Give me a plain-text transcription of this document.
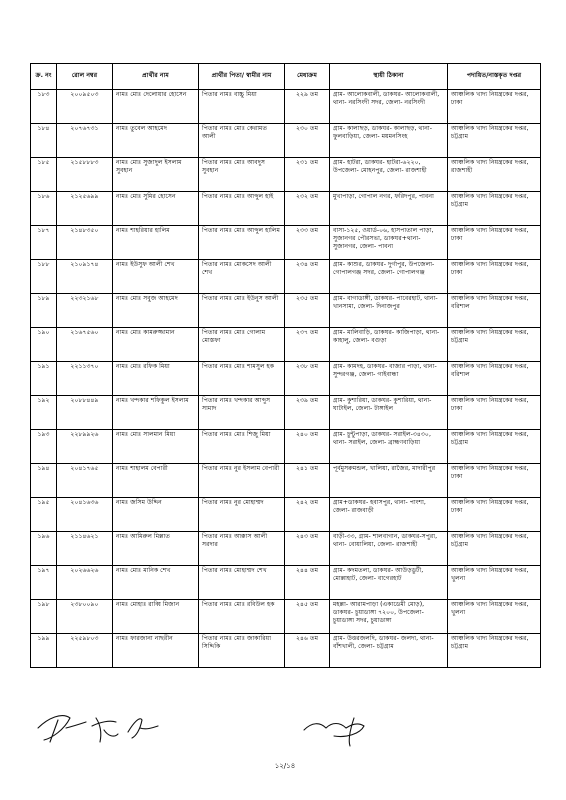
ক্র. নং	রোল নম্বর	প্রার্থীর নাম	প্রার্থীর পিতা/ স্বামীর নাম	মেধাক্রম	স্থায়ী ঠিকানা	পদায়িত/নাস্তকৃত দপ্তর
১৮৩	২০০৯৫০৩	নামঃ মোঃ দেলোয়ার হোসেন	পিতার নামঃ বাচ্চু মিয়া	২২৯ তম	গ্রাম- আলোকবালী, ডাকঘর- আলোকবালী, থানা- নরসিংদী সদর, জেলা- নরসিংদী	আঞ্চলিক খাদ্য নিয়ন্ত্রকের দপ্তর, ঢাকা
১৮৪	২০৭৬৭৩১	নামঃ তুবেল আহমেদ	পিতার নামঃ মোঃ কেরামত আলী	২৩০ তম	গ্রাম- কালাছড়, ডাকঘর- কালাছড়, থানা- ফুলবাড়িয়া, জেলা- ময়মনসিংহ	আঞ্চলিক খাদ্য নিয়ন্ত্রকের দপ্তর, চট্টগ্রাম
১৮৫	২১৫৮৮৮৩	নামঃ মোঃ সুজাদুল ইসলাম সুবহান	পিতার নামঃ মোঃ আবদুস সুবহান	২৩১ তম	গ্রাম- হাটরা, ডাকঘর- হাটরা-৬২২০, উপজেলা- মোহনপুর, জেলা- রাজশাহী	আঞ্চলিক খাদ্য নিয়ন্ত্রকের দপ্তর, রাজশাহী
১৮৬	২১২৫৬৯৯	নামঃ মোঃ সুমির হোসেন	পিতার নামঃ মোঃ আব্দুল হাই	২৩২ তম	মুখাপাড়া, গোপাল নগর, ফরিদপুর, পাবনা	আঞ্চলিক খাদ্য নিয়ন্ত্রকের দপ্তর, চট্টগ্রাম
১৮৭	২১৪৮৩৫০	নামঃ শাহরিয়ার হালিম	পিতার নামঃ মোঃ আব্দুল হালিম	২৩৩ তম	বাসা-১২৫, ওয়ার্ড-০৬, হাসপাতাল পাড়া, সুজানগর পৌরসভা, ডাকঘর+থানা- সুজানগর, জেলা- পাবনা	আঞ্চলিক খাদ্য নিয়ন্ত্রকের দপ্তর, ঢাকা
১৮৮	২১০৯১৭৪	নামঃ ইউসুফ আলী শেখ	পিতার নামঃ মোকসেদ আলী শেখ	২৩৪ তম	গ্রাম- কাশুর, ডাকঘর- দুর্গাপুর, উপজেলা- গোপালগঞ্জ সদর, জেলা- গোপালগঞ্জ	আঞ্চলিক খাদ্য নিয়ন্ত্রকের দপ্তর, ঢাকা
১৮৯	২২৩২১৬৮	নামঃ মোঃ সবুজ আহমেদ	পিতার নামঃ মোঃ ইউনুস আলী	২৩৫ তম	গ্রাম- বাগাডাঙ্গী, ডাকঘর- পাবেরহাট, থানা- খানসামা, জেলা- দিনাজপুর	আঞ্চলিক খাদ্য নিয়ন্ত্রকের দপ্তর, বরিশাল
১৯০	২১৬৭৫৬০	নামঃ মোঃ কামরুজ্জামান	পিতার নামঃ মোঃ গোলাম মোস্তফা	২৩৭ তম	গ্রাম- মালিবাড়ি, ডাকঘর- কাজিপাড়া, থানা- কাহালু, জেলা- বগুড়া	আঞ্চলিক খাদ্য নিয়ন্ত্রকের দপ্তর, চট্টগ্রাম
১৯১	২২১১৩৭০	নামঃ মোঃ রফিক মিয়া	পিতার নামঃ মোঃ শামসুল হক	২৩৮ তম	গ্রাম- কামদহ, ডাকঘর- বাজার পাড়া, থানা- সুন্দরগঞ্জ, জেলা- গাইবান্ধা	আঞ্চলিক খাদ্য নিয়ন্ত্রকের দপ্তর, বরিশাল
১৯২	২০৮৮৪৪৯	নামঃ খন্দকার শফিকুল ইসলাম	পিতার নামঃ খন্দকার আব্দুস সামাদ	২৩৯ তম	গ্রাম- কুশারিয়া, ডাকঘর- কুশারিয়া, থানা- ঘাটাইল, জেলা- টাঙ্গাইল	আঞ্চলিক খাদ্য নিয়ন্ত্রকের দপ্তর, ঢাকা
১৯৩	২২৮৯৯২৬	নামঃ মোঃ সালমান মিয়া	পিতার নামঃ মোঃ শিজু মিয়া	২৪০ তম	গ্রাম- চুন্টুপাড়া, ডাকঘর- সরাইল-৩৪৩০, থানা- সরাইল, জেলা- ব্রাহ্মণবাড়িয়া	আঞ্চলিক খাদ্য নিয়ন্ত্রকের দপ্তর, চট্টগ্রাম
১৯৪	২০৪১৭৬৫	নামঃ শাহালম বেপারী	পিতার নামঃ নুর ইসলাম বেপারী	২৪১ তম	পূর্বমুসরুমন্ডল, খালিয়া, রাজৈর, মাদারীপুর	আঞ্চলিক খাদ্য নিয়ন্ত্রকের দপ্তর, ঢাকা
১৯৫	২০৪১৬৩৬	নামঃ জসিম উদ্দিন	পিতার নামঃ নুর মোহাম্মদ	২৪২ তম	গ্রাম+ডাকঘর- হবাসপুর, থানা- পাংশা, জেলা- রাজবাড়ী	আঞ্চলিক খাদ্য নিয়ন্ত্রকের দপ্তর, ঢাকা
১৯৬	২১১৪৬২১	নামঃ আমিরুল মিল্লাত	পিতার নামঃ আক্কাস আলী সরদার	২৪৩ তম	বাড়ী-৩৩, গ্রাম- শালবাগান, ডাকঘর-সপুরা, থানা- বোয়ালিয়া, জেলা- রাজশাহী	আঞ্চলিক খাদ্য নিয়ন্ত্রকের দপ্তর, চট্টগ্রাম
১৯৭	২০২৬৬২৬	নামঃ মোঃ মানিক শেখ	পিতার নামঃ মোহাম্মদ শেখ	২৪৪ তম	গ্রাম- কদমতলা, ডাকঘর- আউড়ডুটী, মোল্লাহাট, জেলা- বাগেরহাট	আঞ্চলিক খাদ্য নিয়ন্ত্রকের দপ্তর, খুলনা
১৯৮	২৩৮০০৯০	নামঃ মোহাঃ রাব্বি মিজান	পিতার নামঃ মোঃ রবিউল হক	২৪৫ তম	মহল্লা- আরামপাড়া (একাডেমী মোড়), ডাকঘর- চুয়াডাঙ্গা ৭২০০, উপজেলা- চুয়াডাঙ্গা সদর, চুয়াডাঙ্গা	আঞ্চলিক খাদ্য নিয়ন্ত্রকের দপ্তর, খুলনা
১৯৯	২২৫৯৮০৩	নামঃ ফারজানা নাছরীন	পিতার নামঃ মোঃ জাকারিয়া সিদ্দিকি	২৪৬ তম	গ্রাম- উত্তরজলদি, ডাকঘর- জলদা, থানা- বাঁশখালী, জেলা- চট্টগ্রাম	আঞ্চলিক খাদ্য নিয়ন্ত্রকের দপ্তর, চট্টগ্রাম
১২/১৪
